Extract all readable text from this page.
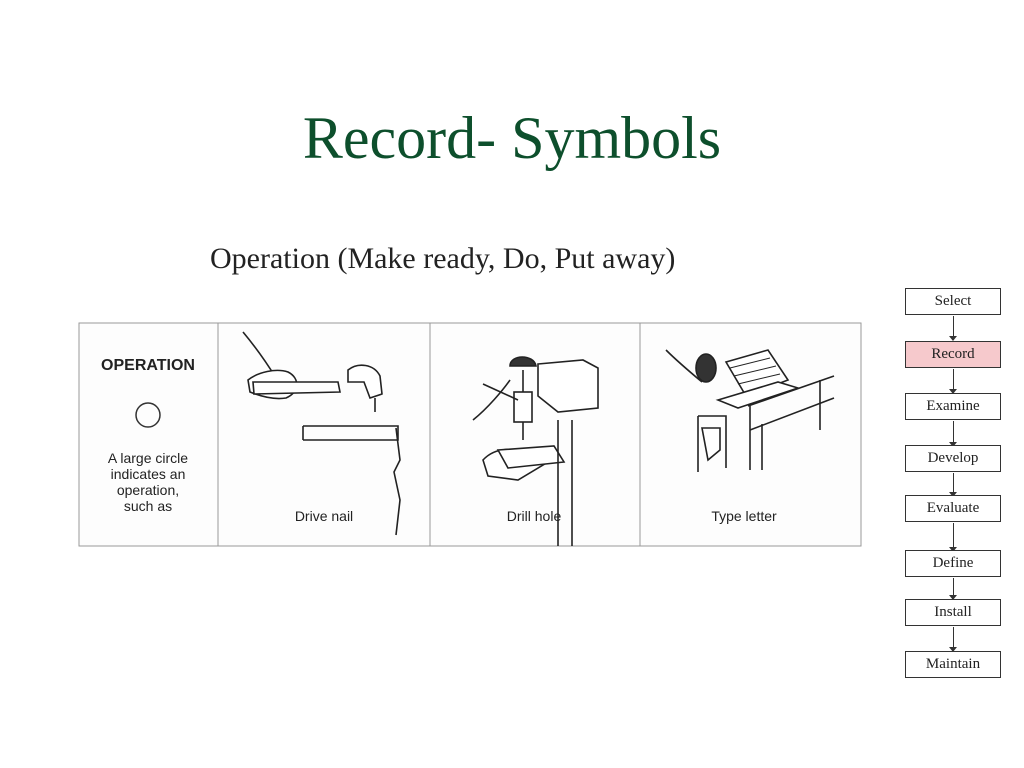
Record- Symbols

Operation (Make ready, Do, Put away)

OPERATION
A large circle
indicates an
operation,
such as
Drive nail	Drill hole	Type letter
Select
Record
Examine
Develop
Evaluate
Define
Install
Maintain
